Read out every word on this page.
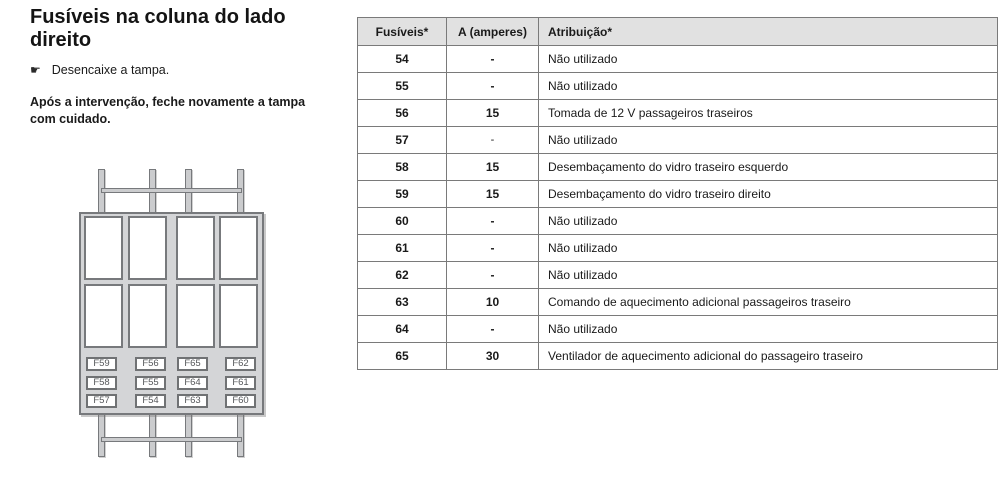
Fusíveis na coluna do lado direito
☛ Desencaixe a tampa.

Após a intervenção, feche novamente a tampa com cuidado.

F59	F56	F65	F62
F58	F55	F64	F61
F57	F54	F63	F60
Fusíveis*	A (amperes)	Atribuição*
54	-	Não utilizado
55	-	Não utilizado
56	15	Tomada de 12 V passageiros traseiros
57	-	Não utilizado
58	15	Desembaçamento do vidro traseiro esquerdo
59	15	Desembaçamento do vidro traseiro direito
60	-	Não utilizado
61	-	Não utilizado
62	-	Não utilizado
63	10	Comando de aquecimento adicional passageiros traseiro
64	-	Não utilizado
65	30	Ventilador de aquecimento adicional do passageiro traseiro
